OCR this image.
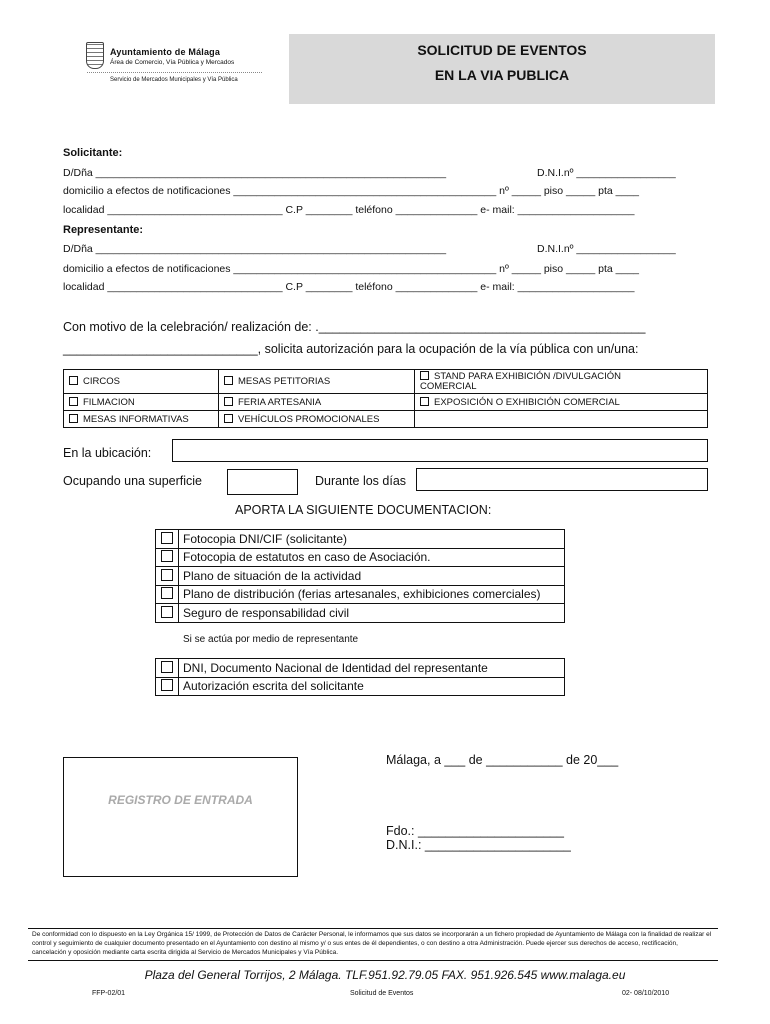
Ayuntamiento de Málaga
Área de Comercio, Vía Pública y Mercados
Servicio de Mercados Municipales y Vía Pública
SOLICITUD DE EVENTOS
EN LA VIA PUBLICA
Solicitante:
D/Dña ____________________________________________________________	D.N.I.nº _________________
domicilio a efectos de notificaciones _____________________________________________ nº _____ piso _____ pta ____
localidad ______________________________ C.P ________ teléfono ______________ e- mail: ____________________
Representante:
D/Dña ____________________________________________________________	D.N.I.nº _________________
domicilio a efectos de notificaciones _____________________________________________ nº _____ piso _____ pta ____
localidad ______________________________ C.P ________ teléfono ______________ e- mail: ____________________
Con motivo de la celebración/ realización de: ._______________________________________________
____________________________, solicita autorización para la ocupación de la vía pública con un/una:
CIRCOS	MESAS PETITORIAS	STAND PARA EXHIBICIÓN /DIVULGACIÓN
COMERCIAL
FILMACION	FERIA ARTESANIA	EXPOSICIÓN O EXHIBICIÓN COMERCIAL
MESAS INFORMATIVAS	VEHÍCULOS PROMOCIONALES	
En la ubicación:
Ocupando una superficie	Durante los días
APORTA LA SIGUIENTE DOCUMENTACION:
	Fotocopia DNI/CIF (solicitante)
	Fotocopia de estatutos en caso de Asociación.
	Plano de situación de la actividad
	Plano de distribución (ferias artesanales, exhibiciones comerciales)
	Seguro de responsabilidad civil
Si se actúa por medio de representante
	DNI, Documento Nacional de Identidad del representante
	Autorización escrita del solicitante
Málaga, a ___ de ___________ de 20___
Fdo.: _____________________
D.N.I.: _____________________
REGISTRO DE ENTRADA
De conformidad con lo dispuesto en la Ley Orgánica 15/ 1999, de Protección de Datos de Carácter Personal, le informamos que sus datos se incorporarán a un fichero propiedad de Ayuntamiento de Málaga con la finalidad de realizar el control y seguimiento de cualquier documento presentado en el Ayuntamiento con destino al mismo y/ o sus entes de él dependientes, o con destino a otra Administración. Puede ejercer sus derechos de acceso, rectificación, cancelación y oposición mediante carta escrita dirigida al Servicio de Mercados Municipales y Vía Pública.
Plaza del General Torrijos, 2 Málaga. TLF.951.92.79.05 FAX. 951.926.545 www.malaga.eu
FFP-02/01	Solicitud de Eventos	02- 08/10/2010
